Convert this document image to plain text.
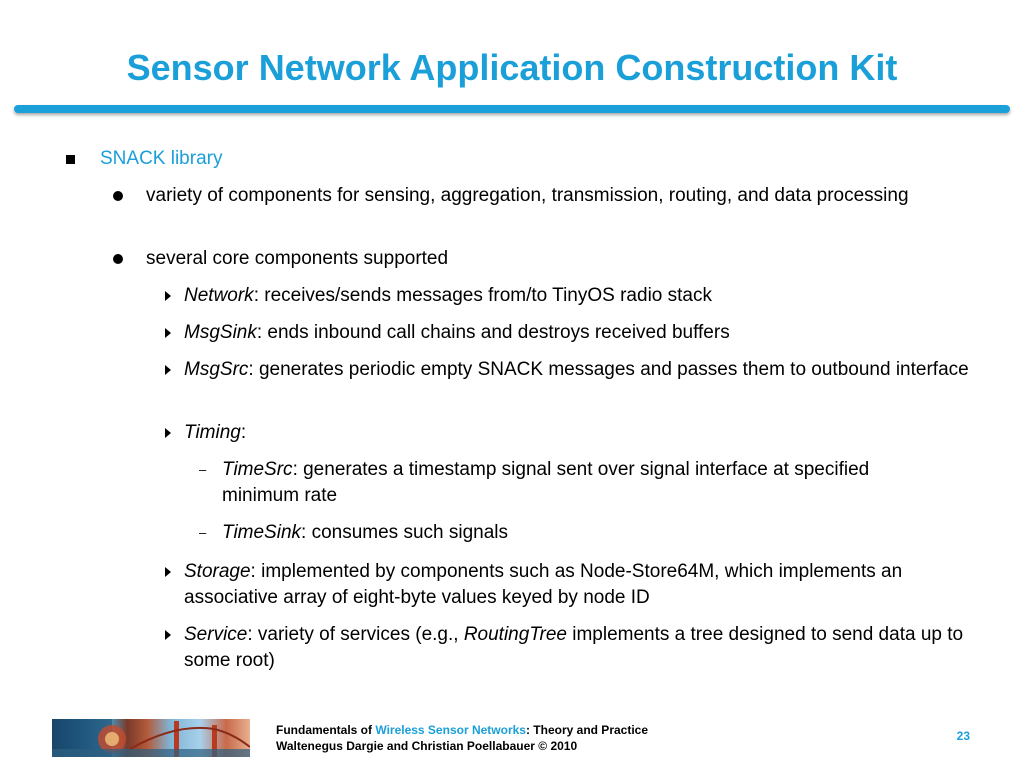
Sensor Network Application Construction Kit
SNACK library
variety of components for sensing, aggregation, transmission, routing, and data processing
several core components supported
Network: receives/sends messages from/to TinyOS radio stack
MsgSink: ends inbound call chains and destroys received buffers
MsgSrc: generates periodic empty SNACK messages and passes them to outbound interface
Timing:
– TimeSrc: generates a timestamp signal sent over signal interface at specified minimum rate
– TimeSink: consumes such signals
Storage: implemented by components such as Node-Store64M, which implements an associative array of eight-byte values keyed by node ID
Service: variety of services (e.g., RoutingTree implements a tree designed to send data up to some root)
Fundamentals of Wireless Sensor Networks: Theory and Practice
Waltenegus Dargie and Christian Poellabauer © 2010
23
